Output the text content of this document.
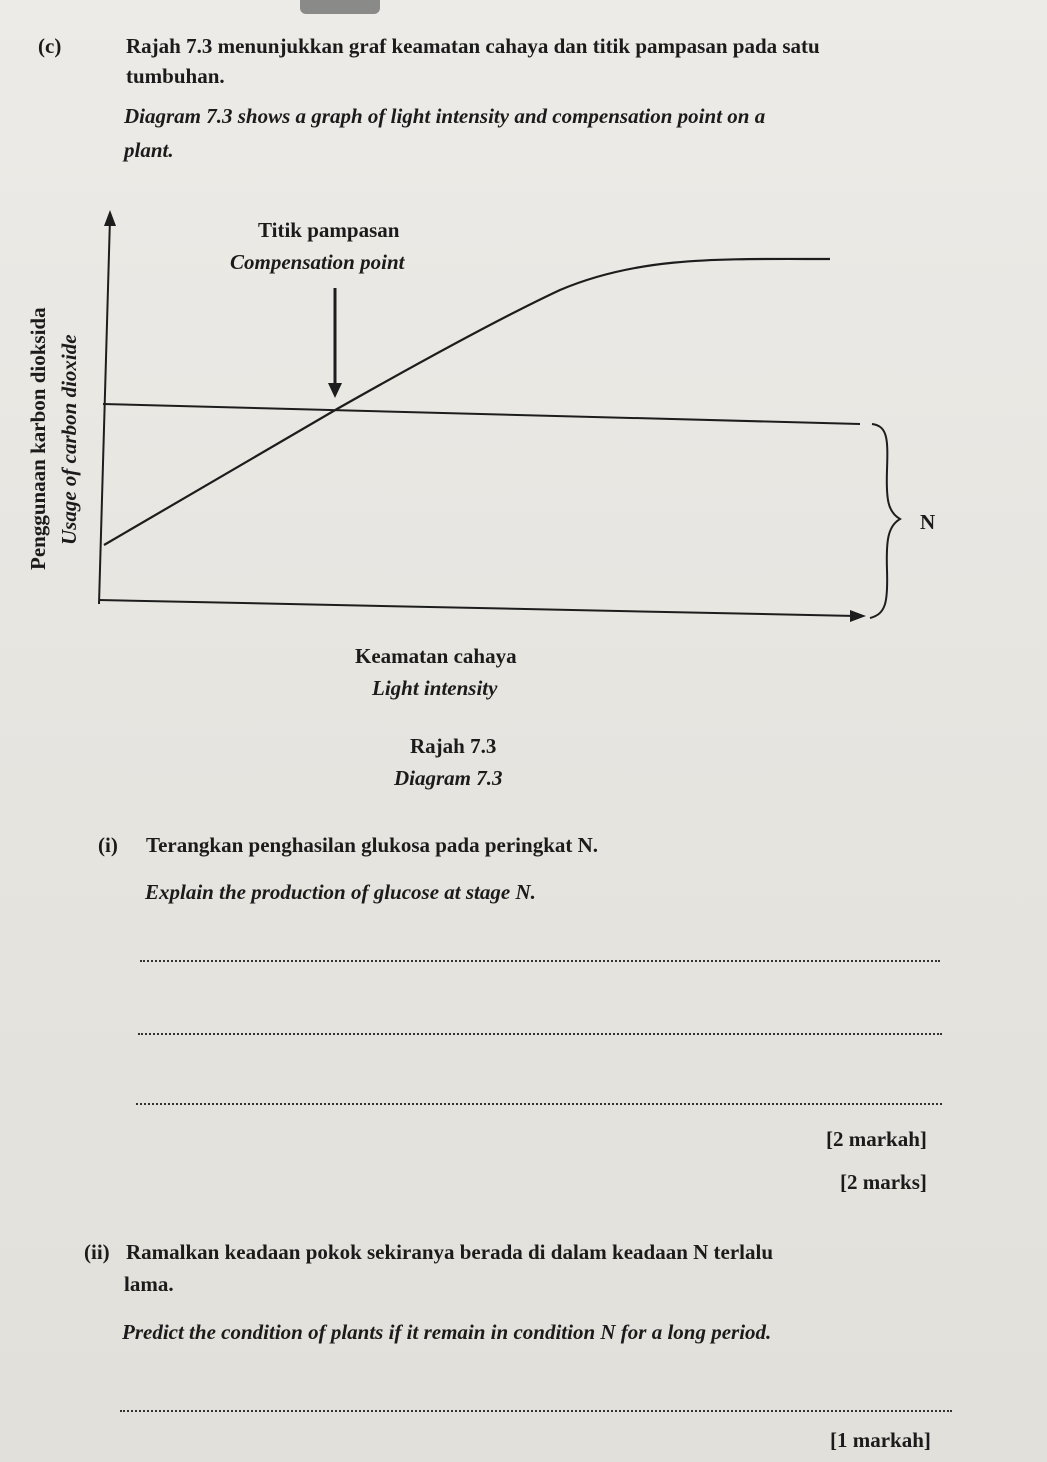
(c)	Rajah 7.3 menunjukkan graf keamatan cahaya dan titik pampasan pada satu
tumbuhan.
Diagram 7.3 shows a graph of light intensity and compensation point on a
plant.
Titik pampasan
Compensation point
Penggunaan karbon dioksida Usage of carbon dioxide	N
Keamatan cahaya
Light intensity
Rajah 7.3
Diagram 7.3
(i) Terangkan penghasilan glukosa pada peringkat N.
Explain the production of glucose at stage N.
[2 markah]
[2 marks]
(ii) Ramalkan keadaan pokok sekiranya berada di dalam keadaan N terlalu
lama.
Predict the condition of plants if it remain in condition N for a long period.
[1 markah]
